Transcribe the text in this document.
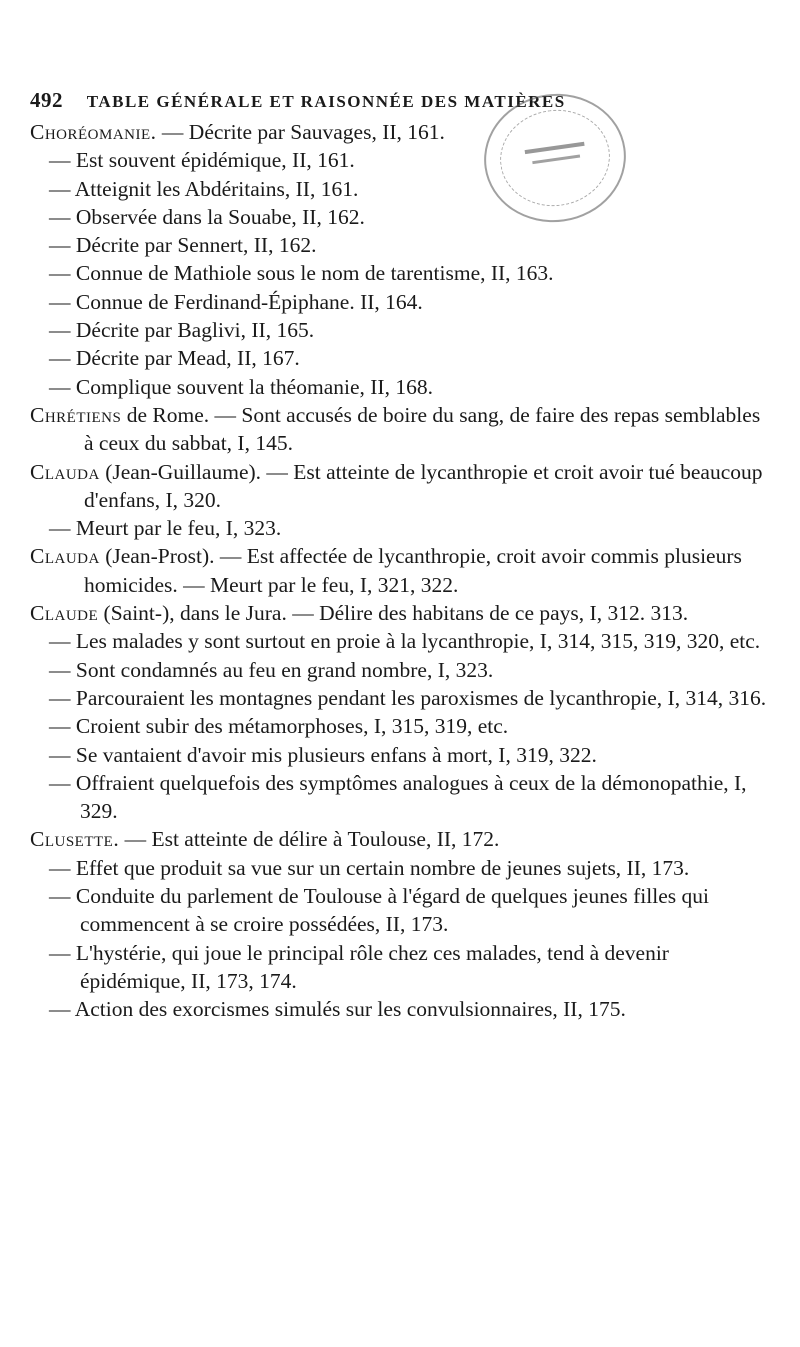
492 TABLE GÉNÉRALE ET RAISONNÉE DES MATIÈRES

Choréomanie. — Décrite par Sauvages, II, 161.

— Est souvent épidémique, II, 161.

— Atteignit les Abdéritains, II, 161.

— Observée dans la Souabe, II, 162.

— Décrite par Sennert, II, 162.

— Connue de Mathiole sous le nom de tarentisme, II, 163.

— Connue de Ferdinand-Épiphane. II, 164.

— Décrite par Baglivi, II, 165.

— Décrite par Mead, II, 167.

— Complique souvent la théomanie, II, 168.

Chrétiens de Rome. — Sont accusés de boire du sang, de faire des repas semblables à ceux du sabbat, I, 145.

Clauda (Jean-Guillaume). — Est atteinte de lycanthropie et croit avoir tué beaucoup d'enfans, I, 320.

— Meurt par le feu, I, 323.

Clauda (Jean-Prost). — Est affectée de lycanthropie, croit avoir commis plusieurs homicides. — Meurt par le feu, I, 321, 322.

Claude (Saint-), dans le Jura. — Délire des habitans de ce pays, I, 312. 313.

— Les malades y sont surtout en proie à la lycanthropie, I, 314, 315, 319, 320, etc.

— Sont condamnés au feu en grand nombre, I, 323.

— Parcouraient les montagnes pendant les paroxismes de lycanthropie, I, 314, 316.

— Croient subir des métamorphoses, I, 315, 319, etc.

— Se vantaient d'avoir mis plusieurs enfans à mort, I, 319, 322.

— Offraient quelquefois des symptômes analogues à ceux de la démonopathie, I, 329.

Clusette. — Est atteinte de délire à Toulouse, II, 172.

— Effet que produit sa vue sur un certain nombre de jeunes sujets, II, 173.

— Conduite du parlement de Toulouse à l'égard de quelques jeunes filles qui commencent à se croire possédées, II, 173.

— L'hystérie, qui joue le principal rôle chez ces malades, tend à devenir épidémique, II, 173, 174.

— Action des exorcismes simulés sur les convulsionnaires, II, 175.
